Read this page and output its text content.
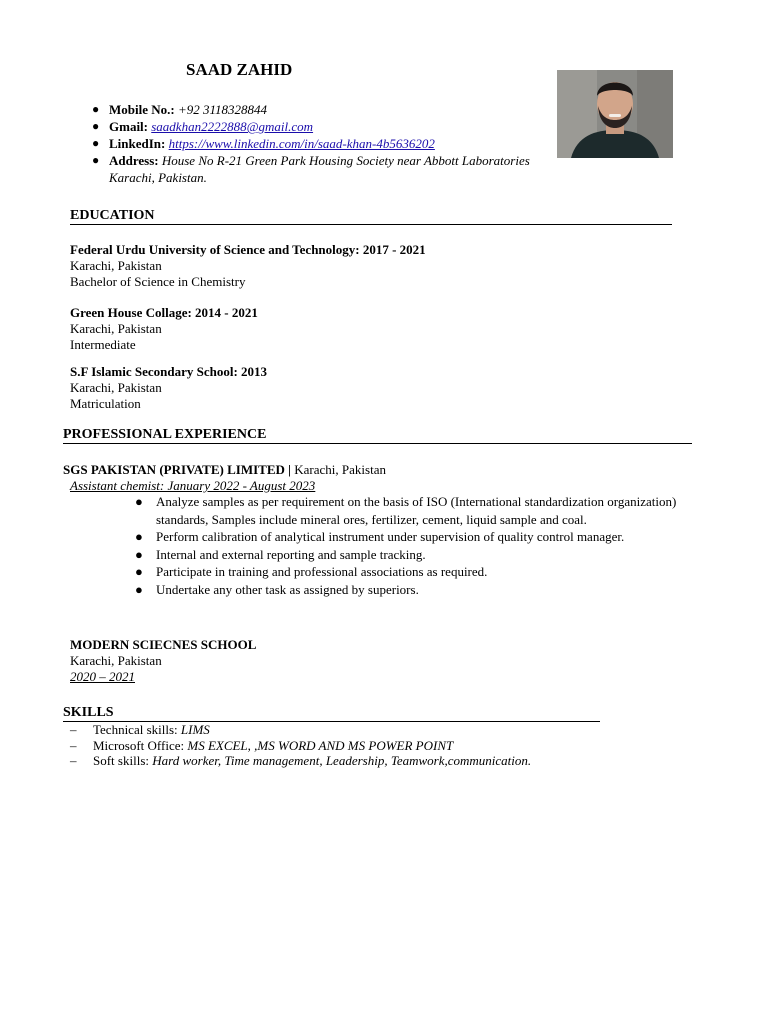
SAAD ZAHID
● Mobile No.: +92 3118328844
● Gmail: saadkhan2222888@gmail.com
● LinkedIn: https://www.linkedin.com/in/saad-khan-4b5636202
● Address: House No R-21 Green Park Housing Society near Abbott Laboratories Karachi, Pakistan.
EDUCATION
Federal Urdu University of Science and Technology: 2017 - 2021
Karachi, Pakistan
Bachelor of Science in Chemistry
Green House Collage: 2014 - 2021
Karachi, Pakistan
Intermediate
S.F Islamic Secondary School: 2013
Karachi, Pakistan
Matriculation
PROFESSIONAL EXPERIENCE
SGS PAKISTAN (PRIVATE) LIMITED | Karachi, Pakistan
Assistant chemist: January 2022 - August 2023
● Analyze samples as per requirement on the basis of ISO (International standardization organization) standards, Samples include mineral ores, fertilizer, cement, liquid sample and coal.
● Perform calibration of analytical instrument under supervision of quality control manager.
● Internal and external reporting and sample tracking.
● Participate in training and professional associations as required.
● Undertake any other task as assigned by superiors.
MODERN SCIECNES SCHOOL
Karachi, Pakistan
2020 – 2021
SKILLS
– Technical skills: LIMS
– Microsoft Office: MS EXCEL, ,MS WORD AND MS POWER POINT
– Soft skills: Hard worker, Time management, Leadership, Teamwork,communication.
